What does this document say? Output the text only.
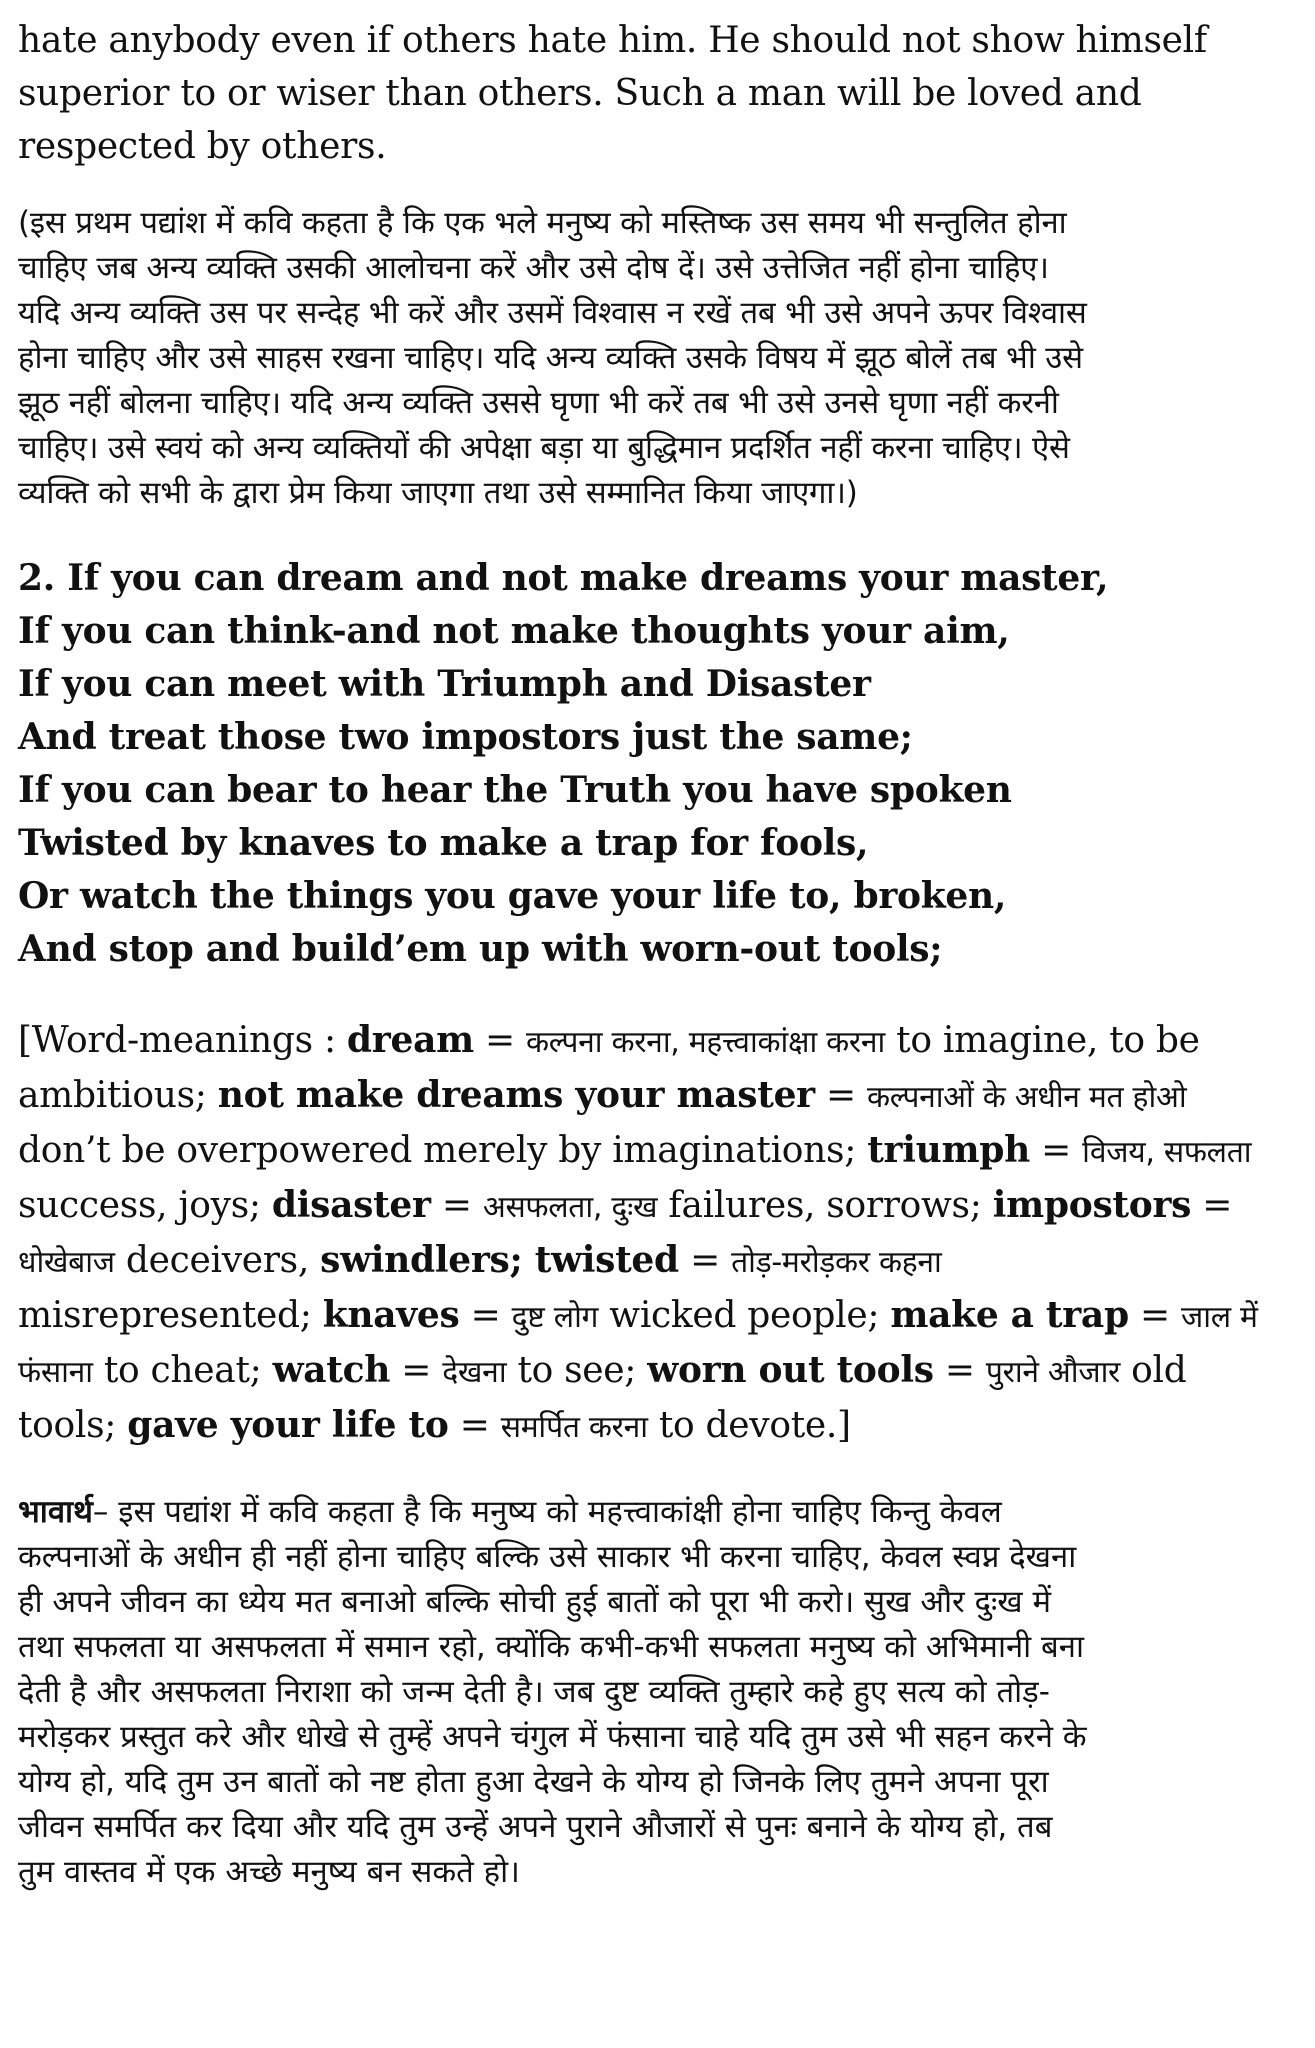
hate anybody even if others hate him. He should not show himself
superior to or wiser than others. Such a man will be loved and
respected by others.
(इस प्रथम पद्यांश में कवि कहता है कि एक भले मनुष्य को मस्तिष्क उस समय भी सन्तुलित होना
चाहिए जब अन्य व्यक्ति उसकी आलोचना करें और उसे दोष दें। उसे उत्तेजित नहीं होना चाहिए।
यदि अन्य व्यक्ति उस पर सन्देह भी करें और उसमें विश्वास न रखें तब भी उसे अपने ऊपर विश्वास
होना चाहिए और उसे साहस रखना चाहिए। यदि अन्य व्यक्ति उसके विषय में झूठ बोलें तब भी उसे
झूठ नहीं बोलना चाहिए। यदि अन्य व्यक्ति उससे घृणा भी करें तब भी उसे उनसे घृणा नहीं करनी
चाहिए। उसे स्वयं को अन्य व्यक्तियों की अपेक्षा बड़ा या बुद्धिमान प्रदर्शित नहीं करना चाहिए। ऐसे
व्यक्ति को सभी के द्वारा प्रेम किया जाएगा तथा उसे सम्मानित किया जाएगा।)
2. If you can dream and not make dreams your master,
If you can think-and not make thoughts your aim,
If you can meet with Triumph and Disaster
And treat those two impostors just the same;
If you can bear to hear the Truth you have spoken
Twisted by knaves to make a trap for fools,
Or watch the things you gave your life to, broken,
And stop and build’em up with worn-out tools;
[Word-meanings : dream = कल्पना करना, महत्त्वाकांक्षा करना to imagine, to be
ambitious; not make dreams your master = कल्पनाओं के अधीन मत होओ
don’t be overpowered merely by imaginations; triumph = विजय, सफलता
success, joys; disaster = असफलता, दुःख failures, sorrows; impostors =
धोखेबाज deceivers, swindlers; twisted = तोड़-मरोड़कर कहना
misrepresented; knaves = दुष्ट लोग wicked people; make a trap = जाल में
फंसाना to cheat; watch = देखना to see; worn out tools = पुराने औजार old
tools; gave your life to = समर्पित करना to devote.]
भावार्थ– इस पद्यांश में कवि कहता है कि मनुष्य को महत्त्वाकांक्षी होना चाहिए किन्तु केवल
कल्पनाओं के अधीन ही नहीं होना चाहिए बल्कि उसे साकार भी करना चाहिए, केवल स्वप्न देखना
ही अपने जीवन का ध्येय मत बनाओ बल्कि सोची हुई बातों को पूरा भी करो। सुख और दुःख में
तथा सफलता या असफलता में समान रहो, क्योंकि कभी-कभी सफलता मनुष्य को अभिमानी बना
देती है और असफलता निराशा को जन्म देती है। जब दुष्ट व्यक्ति तुम्हारे कहे हुए सत्य को तोड़-
मरोड़कर प्रस्तुत करे और धोखे से तुम्हें अपने चंगुल में फंसाना चाहे यदि तुम उसे भी सहन करने के
योग्य हो, यदि तुम उन बातों को नष्ट होता हुआ देखने के योग्य हो जिनके लिए तुमने अपना पूरा
जीवन समर्पित कर दिया और यदि तुम उन्हें अपने पुराने औजारों से पुनः बनाने के योग्य हो, तब
तुम वास्तव में एक अच्छे मनुष्य बन सकते हो।
